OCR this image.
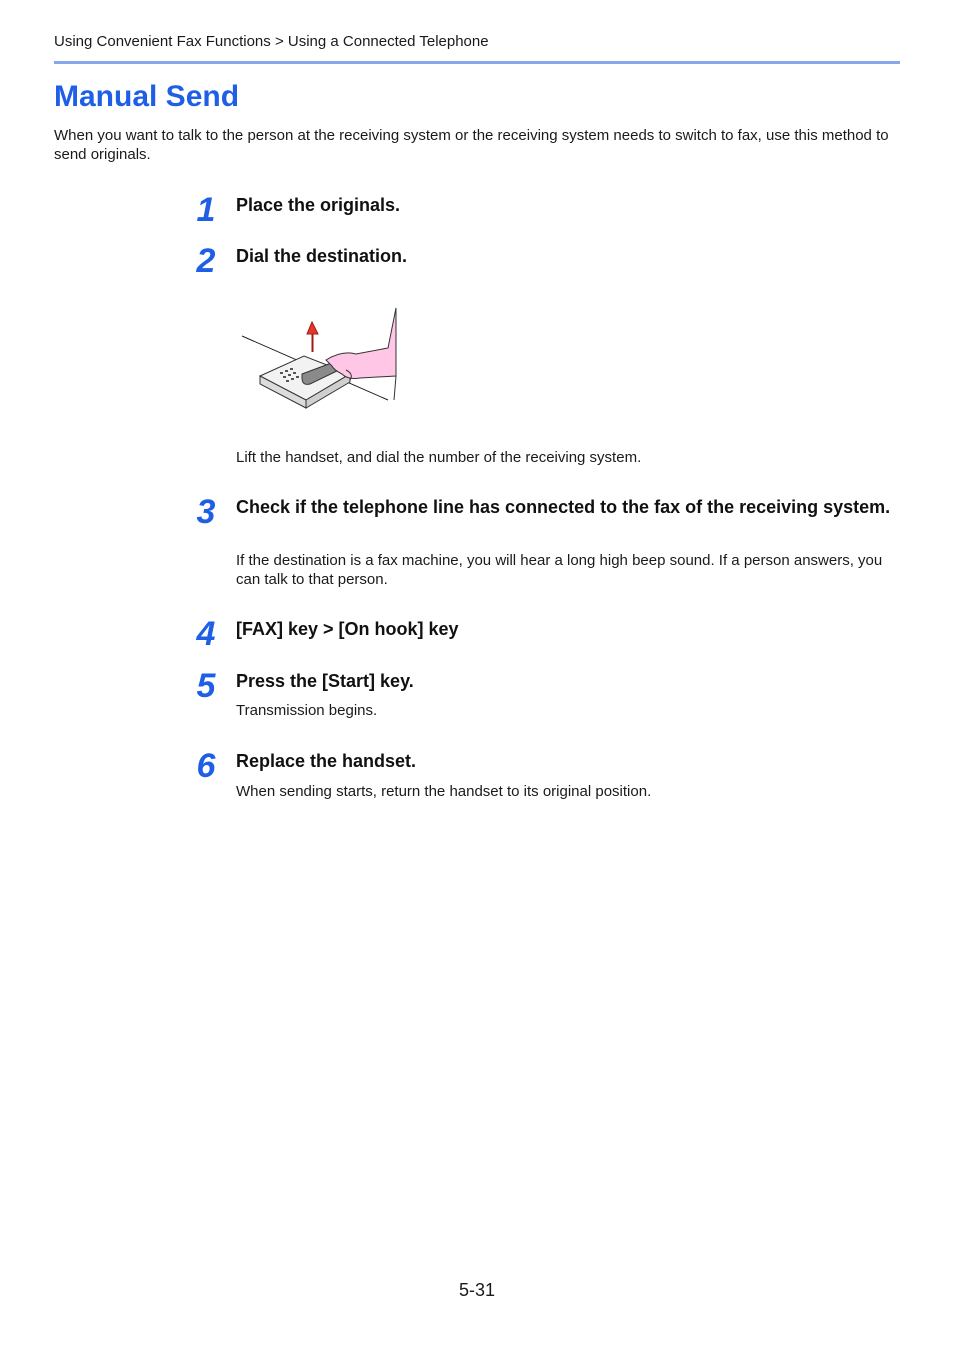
Using Convenient Fax Functions > Using a Connected Telephone
Manual Send

When you want to talk to the person at the receiving system or the receiving system needs to switch to fax, use this method to send originals.

1	Place the originals.
2	Dial the destination.

Lift the handset, and dial the number of the receiving system.

3	Check if the telephone line has connected to the fax of the receiving system.

If the destination is a fax machine, you will hear a long high beep sound. If a person answers, you can talk to that person.

4	[FAX] key > [On hook] key
5	Press the [Start] key.

Transmission begins.

6	Replace the handset.

When sending starts, return the handset to its original position.

5-31
